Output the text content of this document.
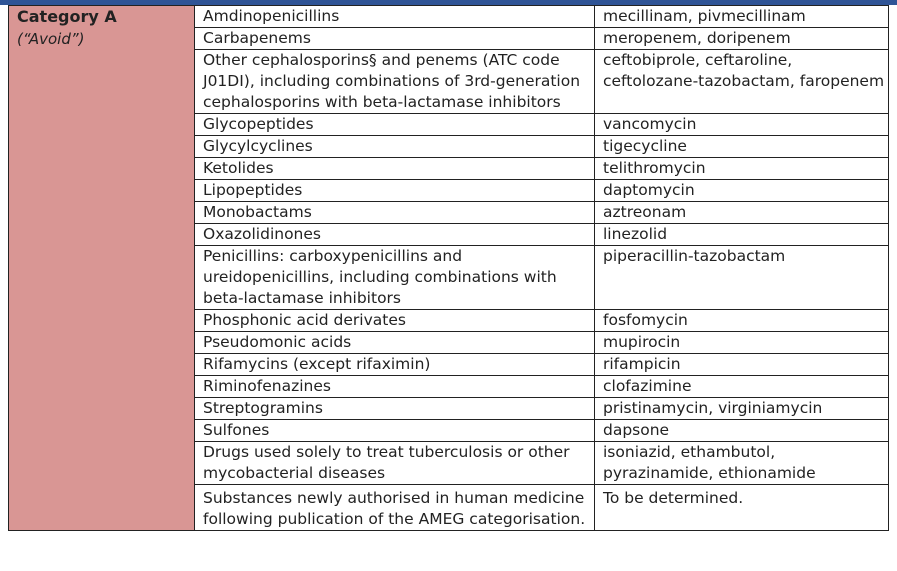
Category A
(“Avoid”)	Amdinopenicillins	mecillinam, pivmecillinam
	Carbapenems	meropenem, doripenem
	Other cephalosporins§ and penems (ATC code J01DI), including combinations of 3rd-generation cephalosporins with beta-lactamase inhibitors	ceftobiprole, ceftaroline, ceftolozane-tazobactam, faropenem
	Glycopeptides	vancomycin
	Glycylcyclines	tigecycline
	Ketolides	telithromycin
	Lipopeptides	daptomycin
	Monobactams	aztreonam
	Oxazolidinones	linezolid
	Penicillins: carboxypenicillins and ureidopenicillins, including combinations with beta-lactamase inhibitors	piperacillin-tazobactam
	Phosphonic acid derivates	fosfomycin
	Pseudomonic acids	mupirocin
	Rifamycins (except rifaximin)	rifampicin
	Riminofenazines	clofazimine
	Streptogramins	pristinamycin, virginiamycin
	Sulfones	dapsone
	Drugs used solely to treat tuberculosis or other mycobacterial diseases	isoniazid, ethambutol, pyrazinamide, ethionamide
	Substances newly authorised in human medicine following publication of the AMEG categorisation.	To be determined.
